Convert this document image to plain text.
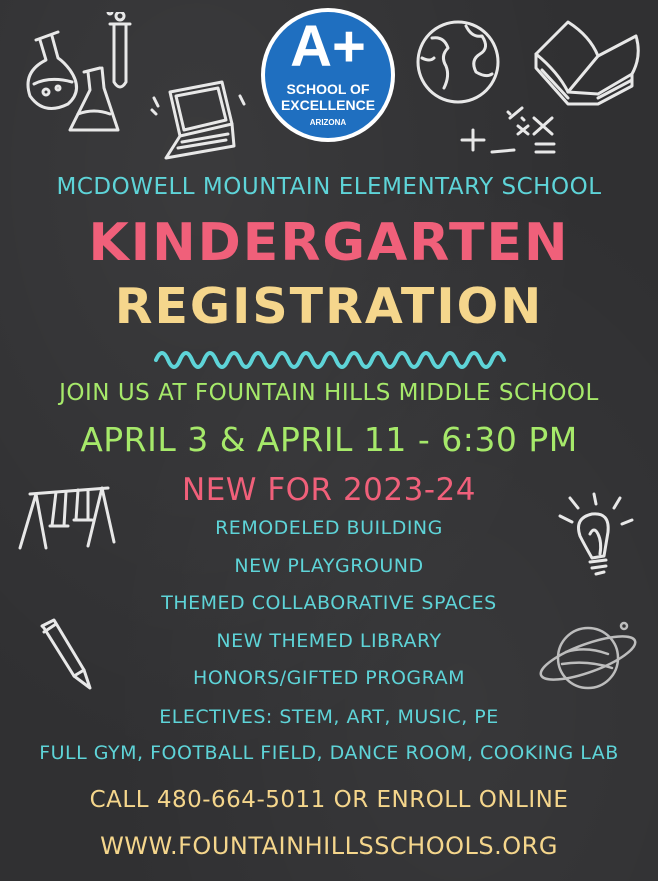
A+
SCHOOL OF
EXCELLENCE
ARIZONA
MCDOWELL MOUNTAIN ELEMENTARY SCHOOL
KINDERGARTEN
REGISTRATION
JOIN US AT FOUNTAIN HILLS MIDDLE SCHOOL
APRIL 3 & APRIL 11 - 6:30 PM
NEW FOR 2023-24
REMODELED BUILDING
NEW PLAYGROUND
THEMED COLLABORATIVE SPACES
NEW THEMED LIBRARY
HONORS/GIFTED PROGRAM
ELECTIVES: STEM, ART, MUSIC, PE
FULL GYM, FOOTBALL FIELD, DANCE ROOM, COOKING LAB
CALL 480-664-5011 OR ENROLL ONLINE
WWW.FOUNTAINHILLSSCHOOLS.ORG
